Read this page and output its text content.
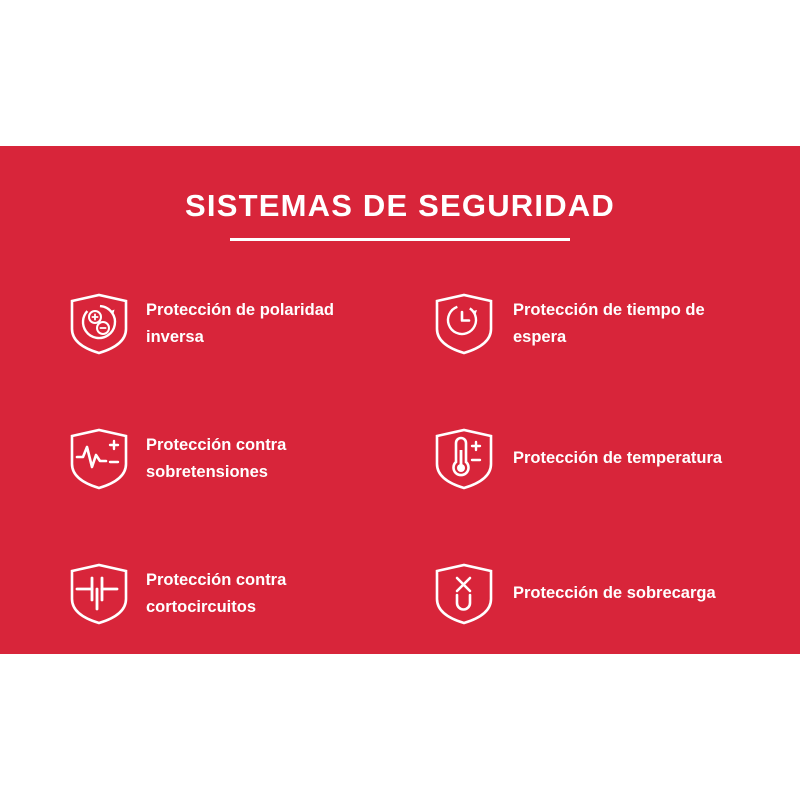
SISTEMAS DE SEGURIDAD
Protección de polaridad inversa
Protección de tiempo de espera
Protección contra sobretensiones
Protección de temperatura
Protección contra cortocircuitos
Protección de sobrecarga
